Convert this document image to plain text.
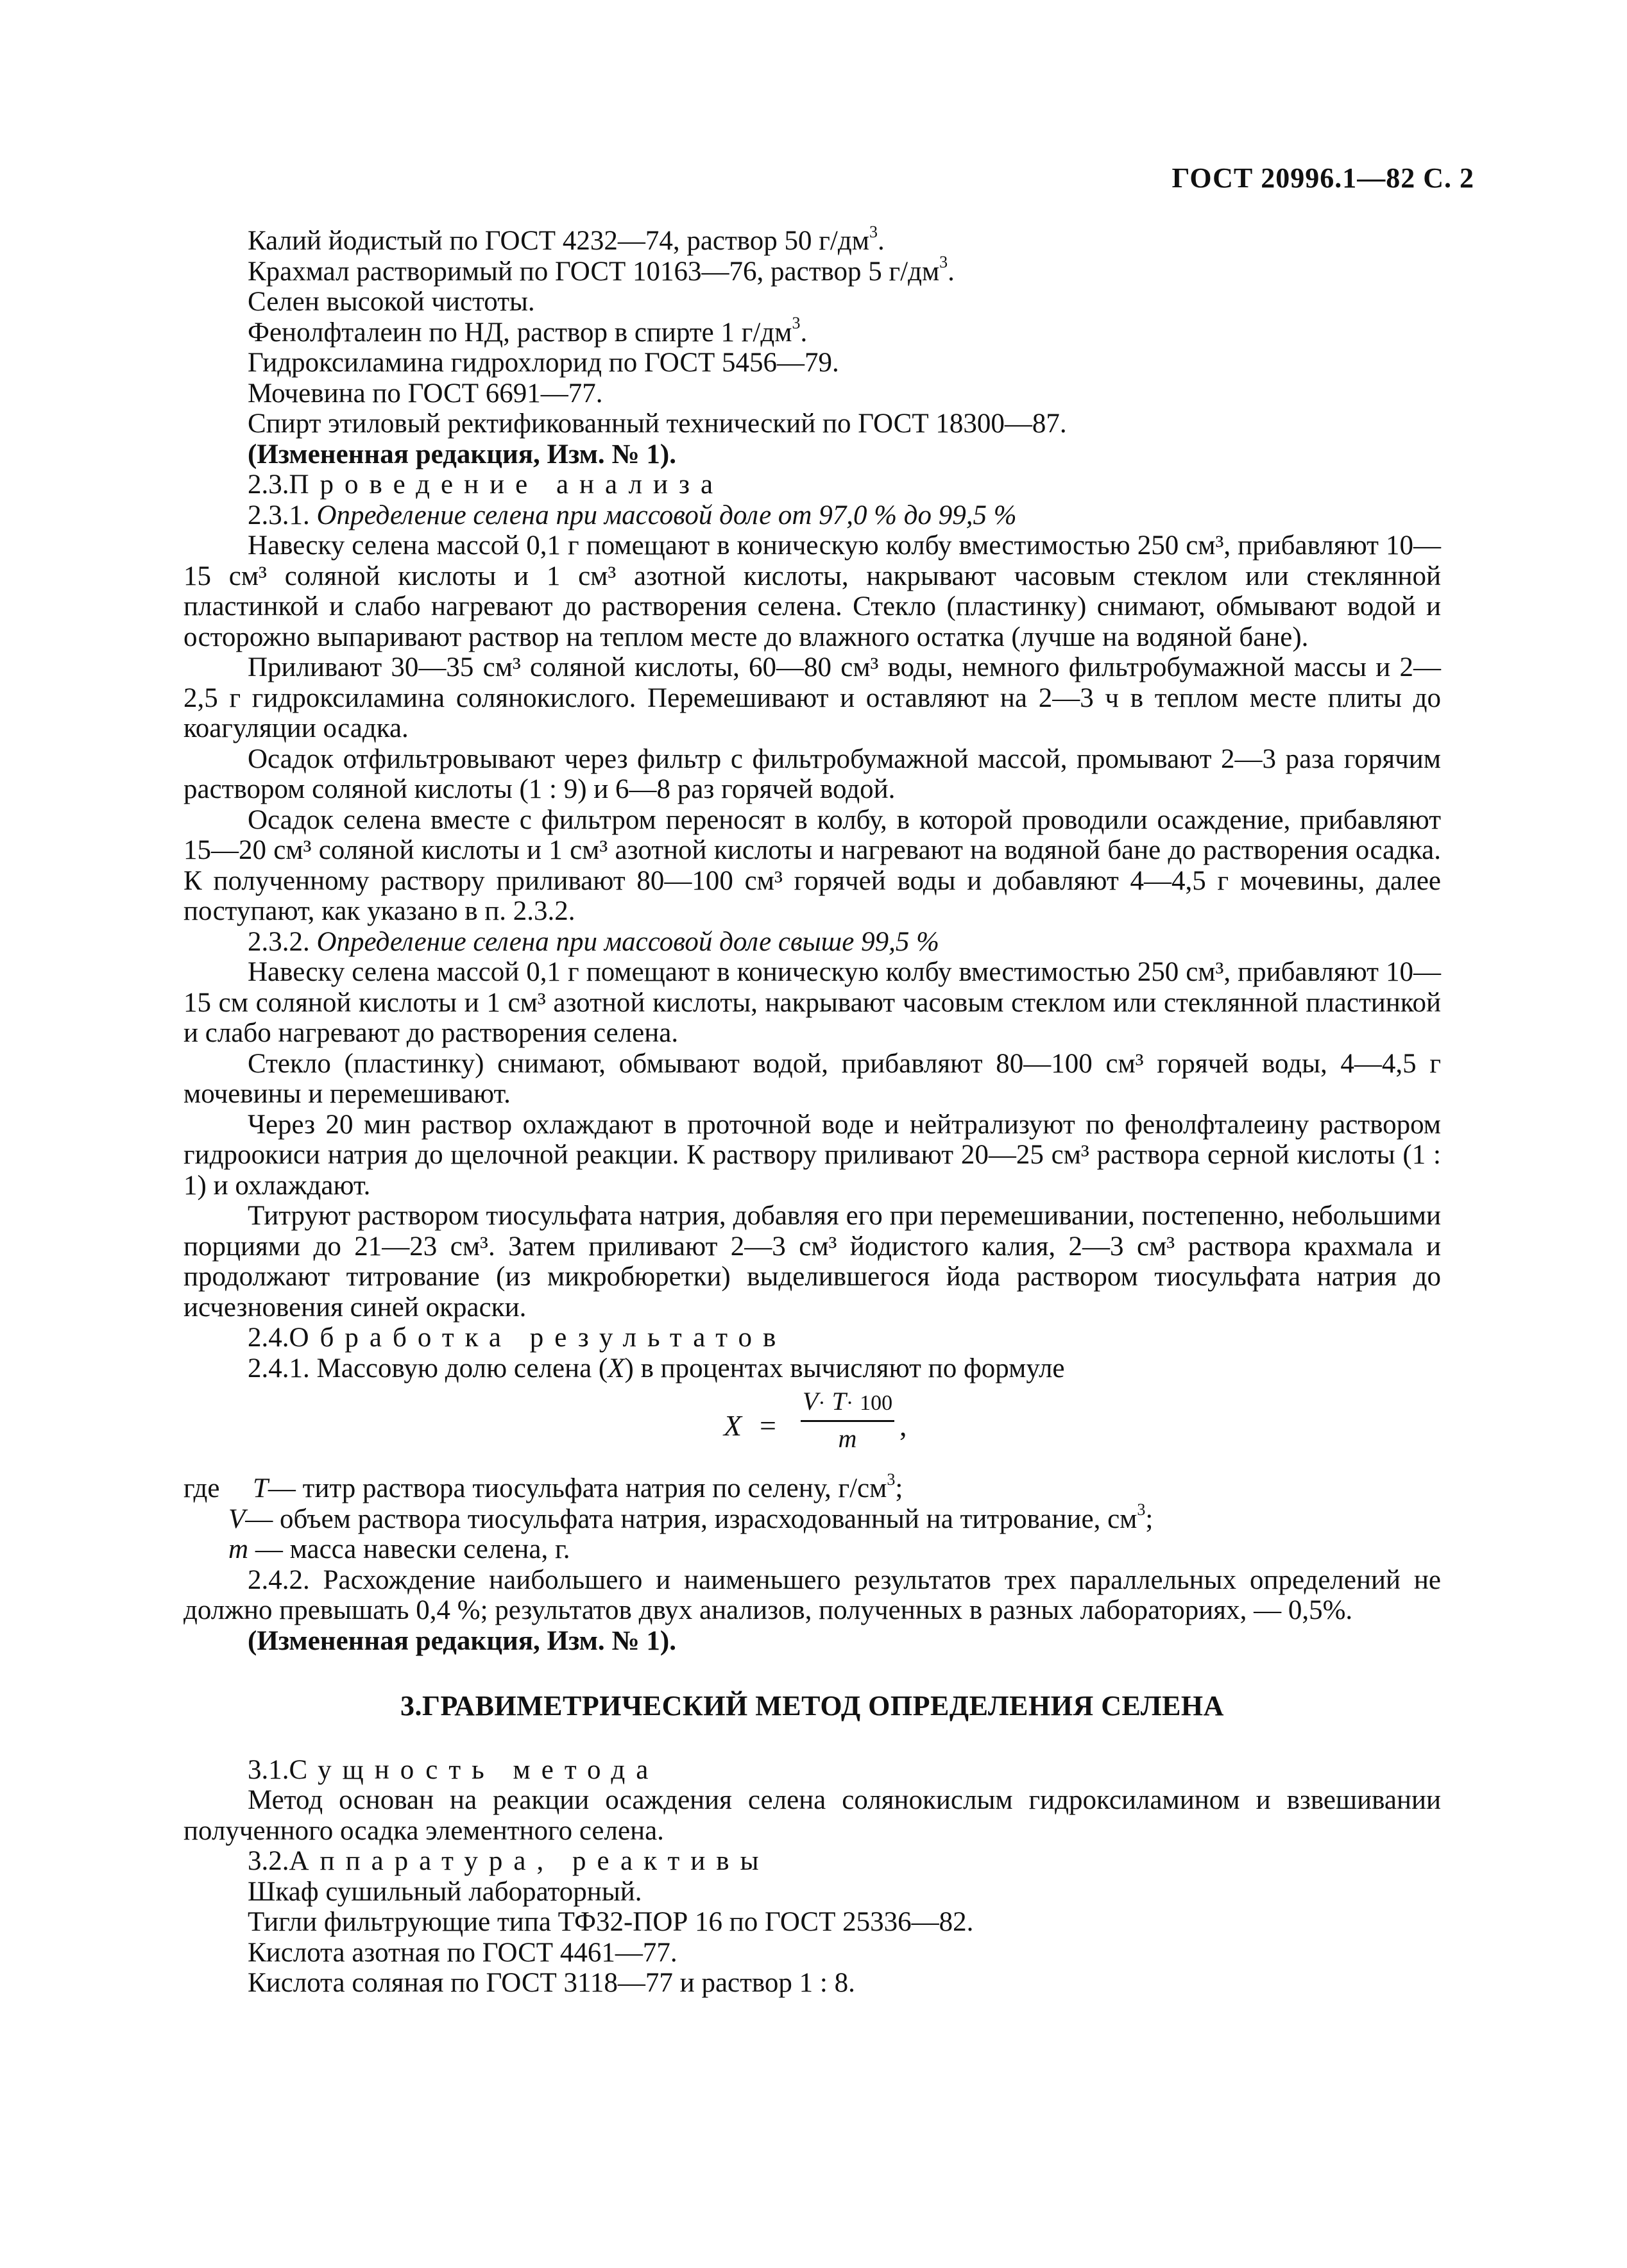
ГОСТ 20996.1—82 С. 2

Калий йодистый по ГОСТ 4232—74, раствор 50 $г/дм^3$.

Крахмал растворимый по ГОСТ 10163—76, раствор 5 $г/дм^3$.

Селен высокой чистоты.

Фенолфталеин по НД, раствор в спирте 1 $г/дм^3$.

Гидроксиламина гидрохлорид по ГОСТ 5456—79.

Мочевина по ГОСТ 6691—77.

Спирт этиловый ректификованный технический по ГОСТ 18300—87.

(Измененная редакция, Изм. № 1).

2.3.Проведение анализа

2.3.1. Определение селена при массовой доле от 97,0 % до 99,5 %

Навеску селена массой 0,1 г помещают в коническую колбу вместимостью 250 см³, прибавляют 10—15 см³ соляной кислоты и 1 см³ азотной кислоты, накрывают часовым стеклом или стеклянной пластинкой и слабо нагревают до растворения селена. Стекло (пластинку) снимают, обмывают водой и осторожно выпаривают раствор на теплом месте до влажного остатка (лучше на водяной бане).

Приливают 30—35 см³ соляной кислоты, 60—80 см³ воды, немного фильтробумажной массы и 2—2,5 г гидроксиламина солянокислого. Перемешивают и оставляют на 2—3 ч в теплом месте плиты до коагуляции осадка.

Осадок отфильтровывают через фильтр с фильтробумажной массой, промывают 2—3 раза горячим раствором соляной кислоты (1 : 9) и 6—8 раз горячей водой.

Осадок селена вместе с фильтром переносят в колбу, в которой проводили осаждение, прибавляют 15—20 см³ соляной кислоты и 1 см³ азотной кислоты и нагревают на водяной бане до растворения осадка. К полученному раствору приливают 80—100 см³ горячей воды и добавляют 4—4,5 г мочевины, далее поступают, как указано в п. 2.3.2.

2.3.2. Определение селена при массовой доле свыше 99,5 %

Навеску селена массой 0,1 г помещают в коническую колбу вместимостью 250 см³, прибавляют 10—15 см соляной кислоты и 1 см³ азотной кислоты, накрывают часовым стеклом или стеклянной пластинкой и слабо нагревают до растворения селена.

Стекло (пластинку) снимают, обмывают водой, прибавляют 80—100 см³ горячей воды, 4—4,5 г мочевины и перемешивают.

Через 20 мин раствор охлаждают в проточной воде и нейтрализуют по фенолфталеину раствором гидроокиси натрия до щелочной реакции. К раствору приливают 20—25 см³ раствора серной кислоты (1 : 1) и охлаждают.

Титруют раствором тиосульфата натрия, добавляя его при перемешивании, постепенно, небольшими порциями до 21—23 см³. Затем приливают 2—3 см³ йодистого калия, 2—3 см³ раствора крахмала и продолжают титрование (из микробюретки) выделившегося йода раствором тиосульфата натрия до исчезновения синей окраски.

2.4.Обработка результатов

2.4.1. Массовую долю селена (X) в процентах вычисляют по формуле

$X = \frac{V\cdot T\cdot 100}{m}$ ,

где T— титр раствора тиосульфата натрия по селену, $г/см^3$;

V— объем раствора тиосульфата натрия, израсходованный на титрование, $см^3$;

m — масса навески селена, г.

2.4.2. Расхождение наибольшего и наименьшего результатов трех параллельных определений не должно превышать 0,4 %; результатов двух анализов, полученных в разных лабораториях, — 0,5%.

(Измененная редакция, Изм. № 1).

3.ГРАВИМЕТРИЧЕСКИЙ МЕТОД ОПРЕДЕЛЕНИЯ СЕЛЕНА

3.1.Сущность метода

Метод основан на реакции осаждения селена солянокислым гидроксиламином и взвешивании полученного осадка элементного селена.

3.2.Аппаратура, реактивы

Шкаф сушильный лабораторный.

Тигли фильтрующие типа ТФ32-ПОР 16 по ГОСТ 25336—82.

Кислота азотная по ГОСТ 4461—77.

Кислота соляная по ГОСТ 3118—77 и раствор 1 : 8.
